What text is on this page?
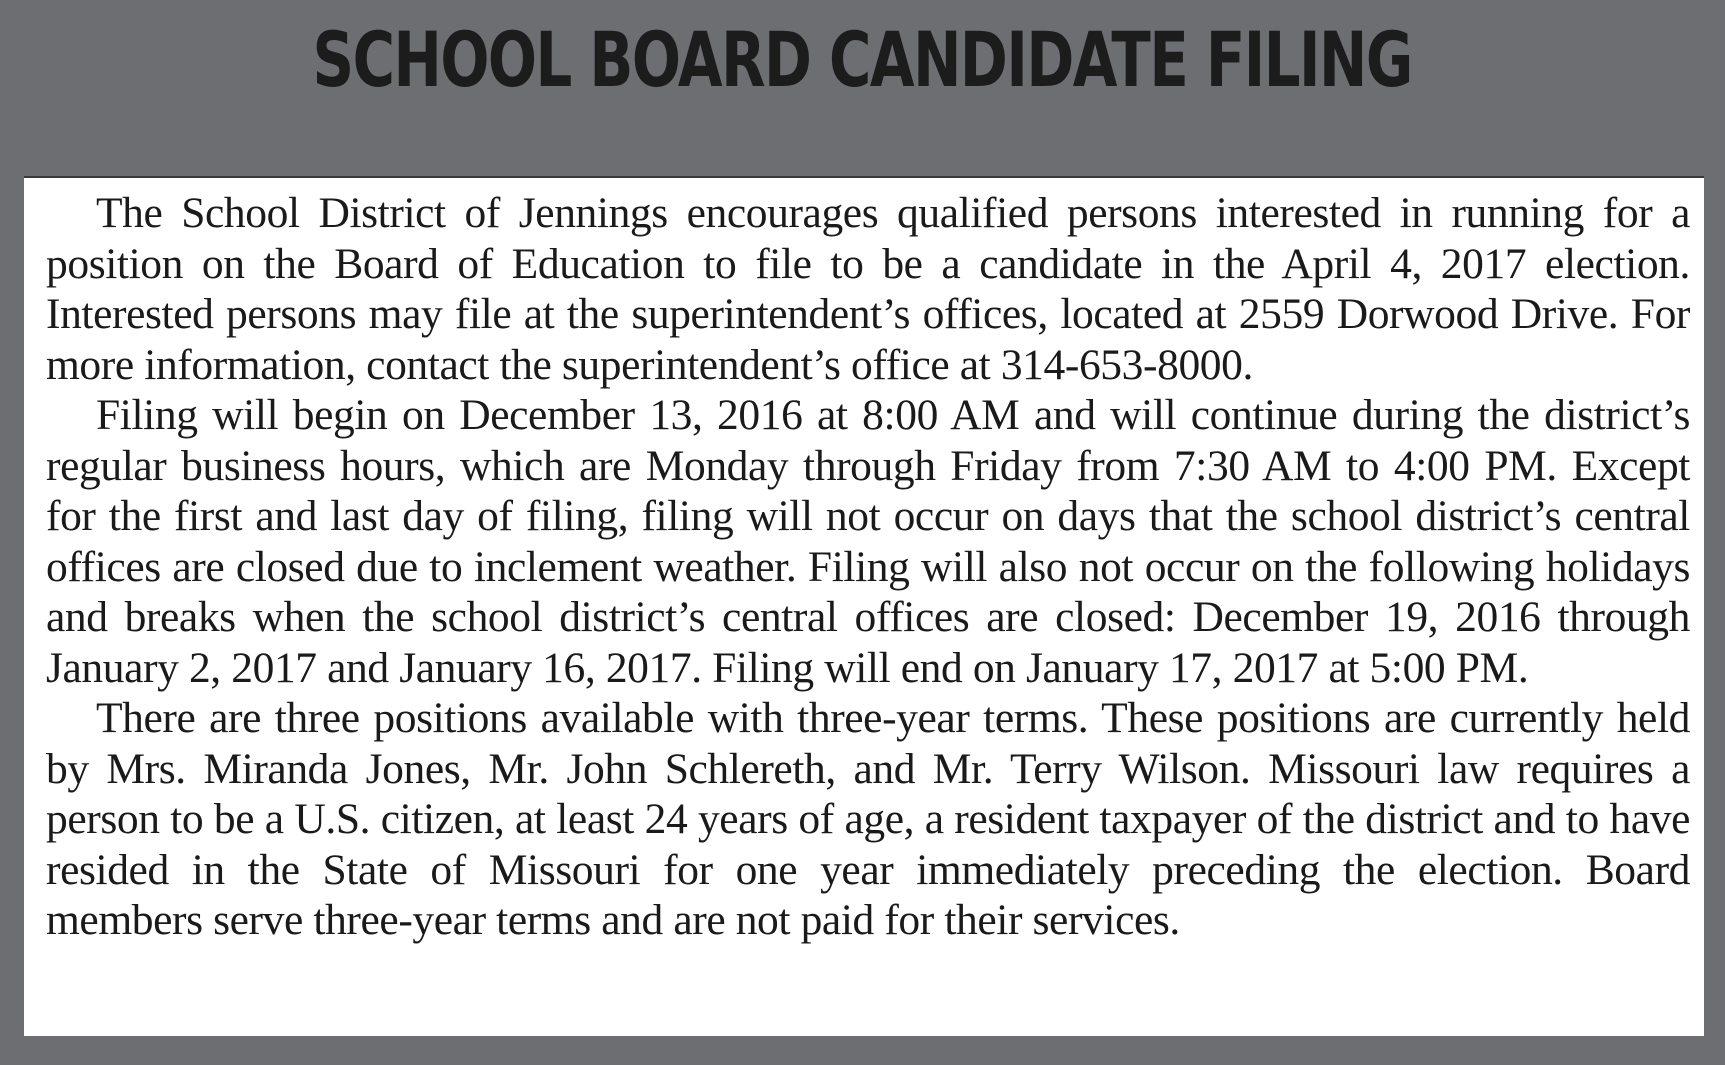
SCHOOL BOARD CANDIDATE FILING

The School District of Jennings encourages qualified persons interested in running for a position on the Board of Education to file to be a candidate in the April 4, 2017 election. Interested persons may file at the superintendent’s offices, located at 2559 Dorwood Drive. For more information, contact the superintendent’s office at 314-653-8000.

Filing will begin on December 13, 2016 at 8:00 AM and will continue during the district’s regular business hours, which are Monday through Friday from 7:30 AM to 4:00 PM. Except for the first and last day of filing, filing will not occur on days that the school district’s central offices are closed due to inclement weather. Filing will also not occur on the following holidays and breaks when the school district’s central offices are closed: December 19, 2016 through January 2, 2017 and January 16, 2017. Filing will end on January 17, 2017 at 5:00 PM.

There are three positions available with three-year terms. These positions are currently held by Mrs. Miranda Jones, Mr. John Schlereth, and Mr. Terry Wilson. Missouri law requires a person to be a U.S. citizen, at least 24 years of age, a resident taxpayer of the district and to have resided in the State of Missouri for one year immediately preceding the election. Board members serve three-year terms and are not paid for their services.
